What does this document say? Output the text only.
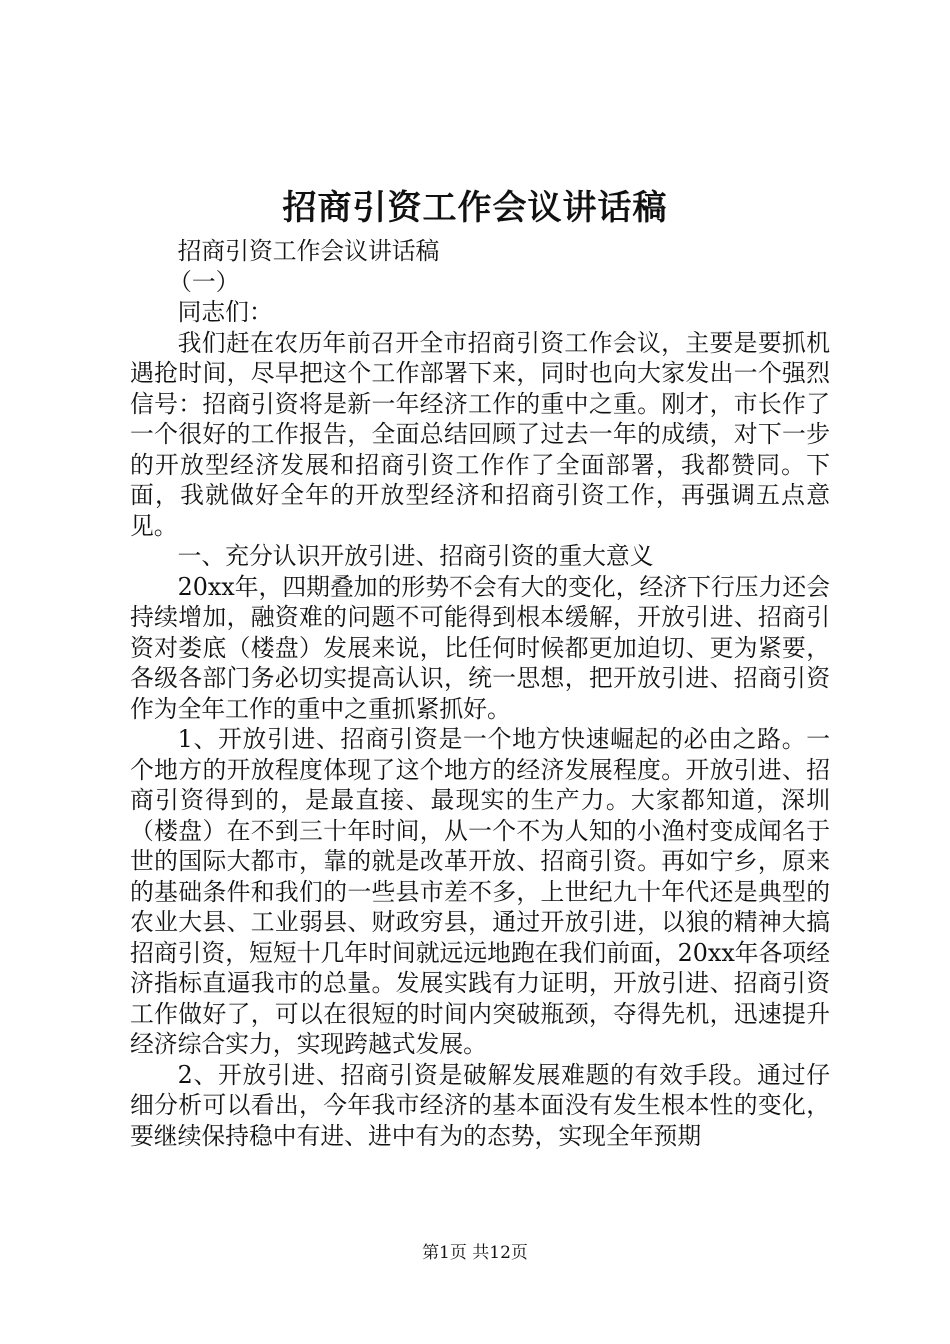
招商引资工作会议讲话稿

招商引资工作会议讲话稿

（一）

同志们：

我们赶在农历年前召开全市招商引资工作会议，主要是要抓机遇抢时间，尽早把这个工作部署下来，同时也向大家发出一个强烈信号：招商引资将是新一年经济工作的重中之重。刚才，市长作了一个很好的工作报告，全面总结回顾了过去一年的成绩，对下一步的开放型经济发展和招商引资工作作了全面部署，我都赞同。下面，我就做好全年的开放型经济和招商引资工作，再强调五点意见。

一、充分认识开放引进、招商引资的重大意义

20xx年，四期叠加的形势不会有大的变化，经济下行压力还会持续增加，融资难的问题不可能得到根本缓解，开放引进、招商引资对娄底（楼盘）发展来说，比任何时候都更加迫切、更为紧要，各级各部门务必切实提高认识，统一思想，把开放引进、招商引资作为全年工作的重中之重抓紧抓好。

1、开放引进、招商引资是一个地方快速崛起的必由之路。一个地方的开放程度体现了这个地方的经济发展程度。开放引进、招商引资得到的，是最直接、最现实的生产力。大家都知道，深圳（楼盘）在不到三十年时间，从一个不为人知的小渔村变成闻名于世的国际大都市，靠的就是改革开放、招商引资。再如宁乡，原来的基础条件和我们的一些县市差不多，上世纪九十年代还是典型的农业大县、工业弱县、财政穷县，通过开放引进，以狼的精神大搞招商引资，短短十几年时间就远远地跑在我们前面，20xx年各项经济指标直逼我市的总量。发展实践有力证明，开放引进、招商引资工作做好了，可以在很短的时间内突破瓶颈，夺得先机，迅速提升经济综合实力，实现跨越式发展。

2、开放引进、招商引资是破解发展难题的有效手段。通过仔细分析可以看出，今年我市经济的基本面没有发生根本性的变化，要继续保持稳中有进、进中有为的态势，实现全年预期

第1页 共12页
